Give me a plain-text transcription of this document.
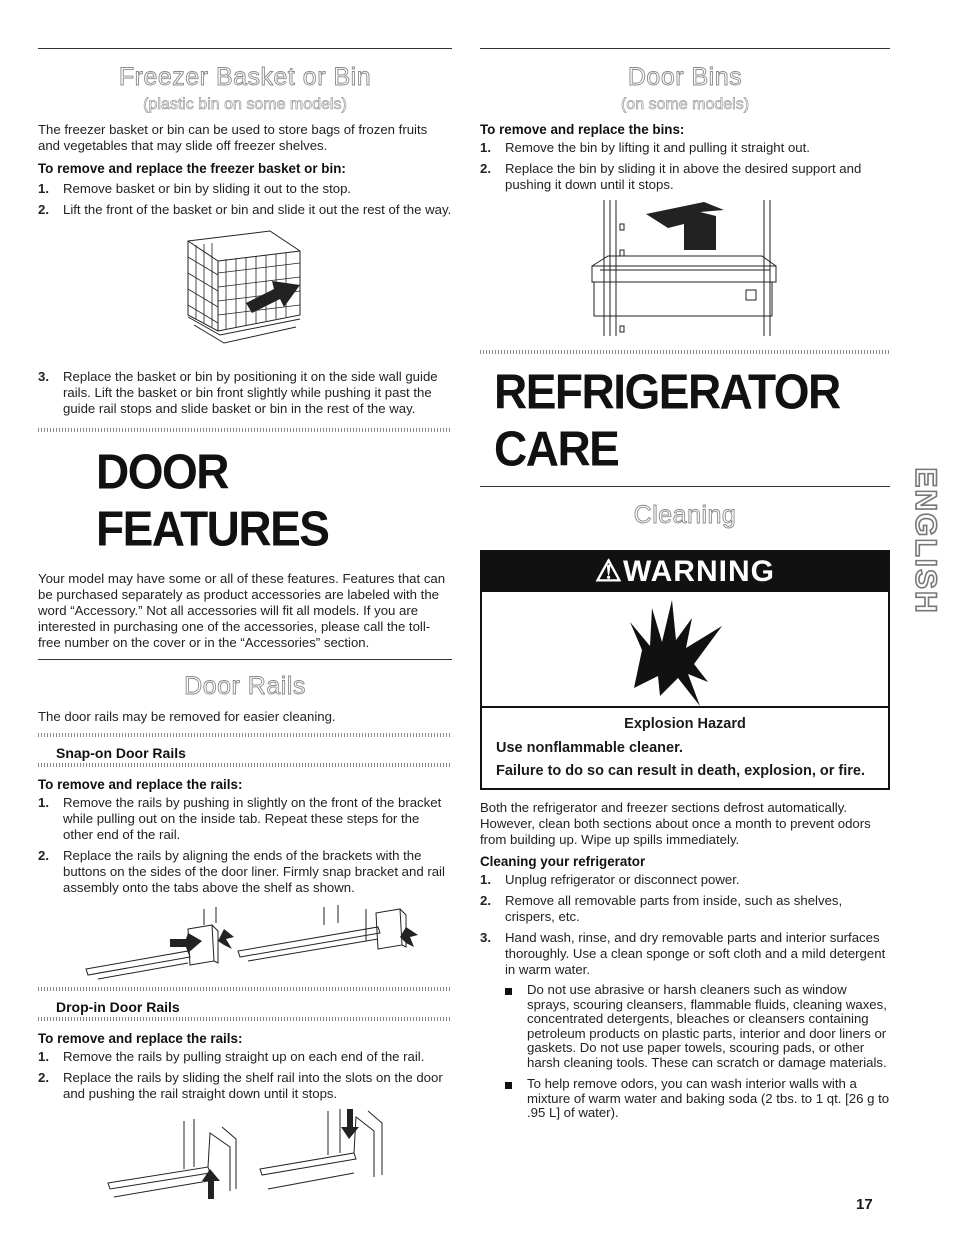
Freezer Basket or Bin
(plastic bin on some models)

The freezer basket or bin can be used to store bags of frozen fruits and vegetables that may slide off freezer shelves.

To remove and replace the freezer basket or bin:
1. Remove basket or bin by sliding it out to the stop.
2. Lift the front of the basket or bin and slide it out the rest of the way.
3. Replace the basket or bin by positioning it on the side wall guide rails. Lift the basket or bin front slightly while pushing it past the guide rail stops and slide basket or bin in the rest of the way.
DOOR FEATURES

Your model may have some or all of these features. Features that can be purchased separately as product accessories are labeled with the word “Accessory.” Not all accessories will fit all models. If you are interested in purchasing one of the accessories, please call the toll-free number on the cover or in the “Accessories” section.

Door Rails

The door rails may be removed for easier cleaning.

Snap-on Door Rails
To remove and replace the rails:
1. Remove the rails by pushing in slightly on the front of the bracket while pulling out on the inside tab. Repeat these steps for the other end of the rail.
2. Replace the rails by aligning the ends of the brackets with the buttons on the sides of the door liner. Firmly snap bracket and rail assembly onto the tabs above the shelf as shown.
Drop-in Door Rails
To remove and replace the rails:
1. Remove the rails by pulling straight up on each end of the rail.
2. Replace the rails by sliding the shelf rail into the slots on the door and pushing the rail straight down until it stops.
Door Bins
(on some models)
To remove and replace the bins:
1. Remove the bin by lifting it and pulling it straight out.
2. Replace the bin by sliding it in above the desired support and pushing it down until it stops.
REFRIGERATOR CARE
Cleaning
⚠WARNING
Explosion Hazard
Use nonflammable cleaner.
Failure to do so can result in death, explosion, or fire.

Both the refrigerator and freezer sections defrost automatically. However, clean both sections about once a month to prevent odors from building up. Wipe up spills immediately.

Cleaning your refrigerator
1. Unplug refrigerator or disconnect power.
2. Remove all removable parts from inside, such as shelves, crispers, etc.
3. Hand wash, rinse, and dry removable parts and interior surfaces thoroughly. Use a clean sponge or soft cloth and a mild detergent in warm water.
Do not use abrasive or harsh cleaners such as window sprays, scouring cleansers, flammable fluids, cleaning waxes, concentrated detergents, bleaches or cleansers containing petroleum products on plastic parts, interior and door liners or gaskets. Do not use paper towels, scouring pads, or other harsh cleaning tools. These can scratch or damage materials.
To help remove odors, you can wash interior walls with a mixture of warm water and baking soda (2 tbs. to 1 qt. [26 g to .95 L] of water).
ENGLISH
17
